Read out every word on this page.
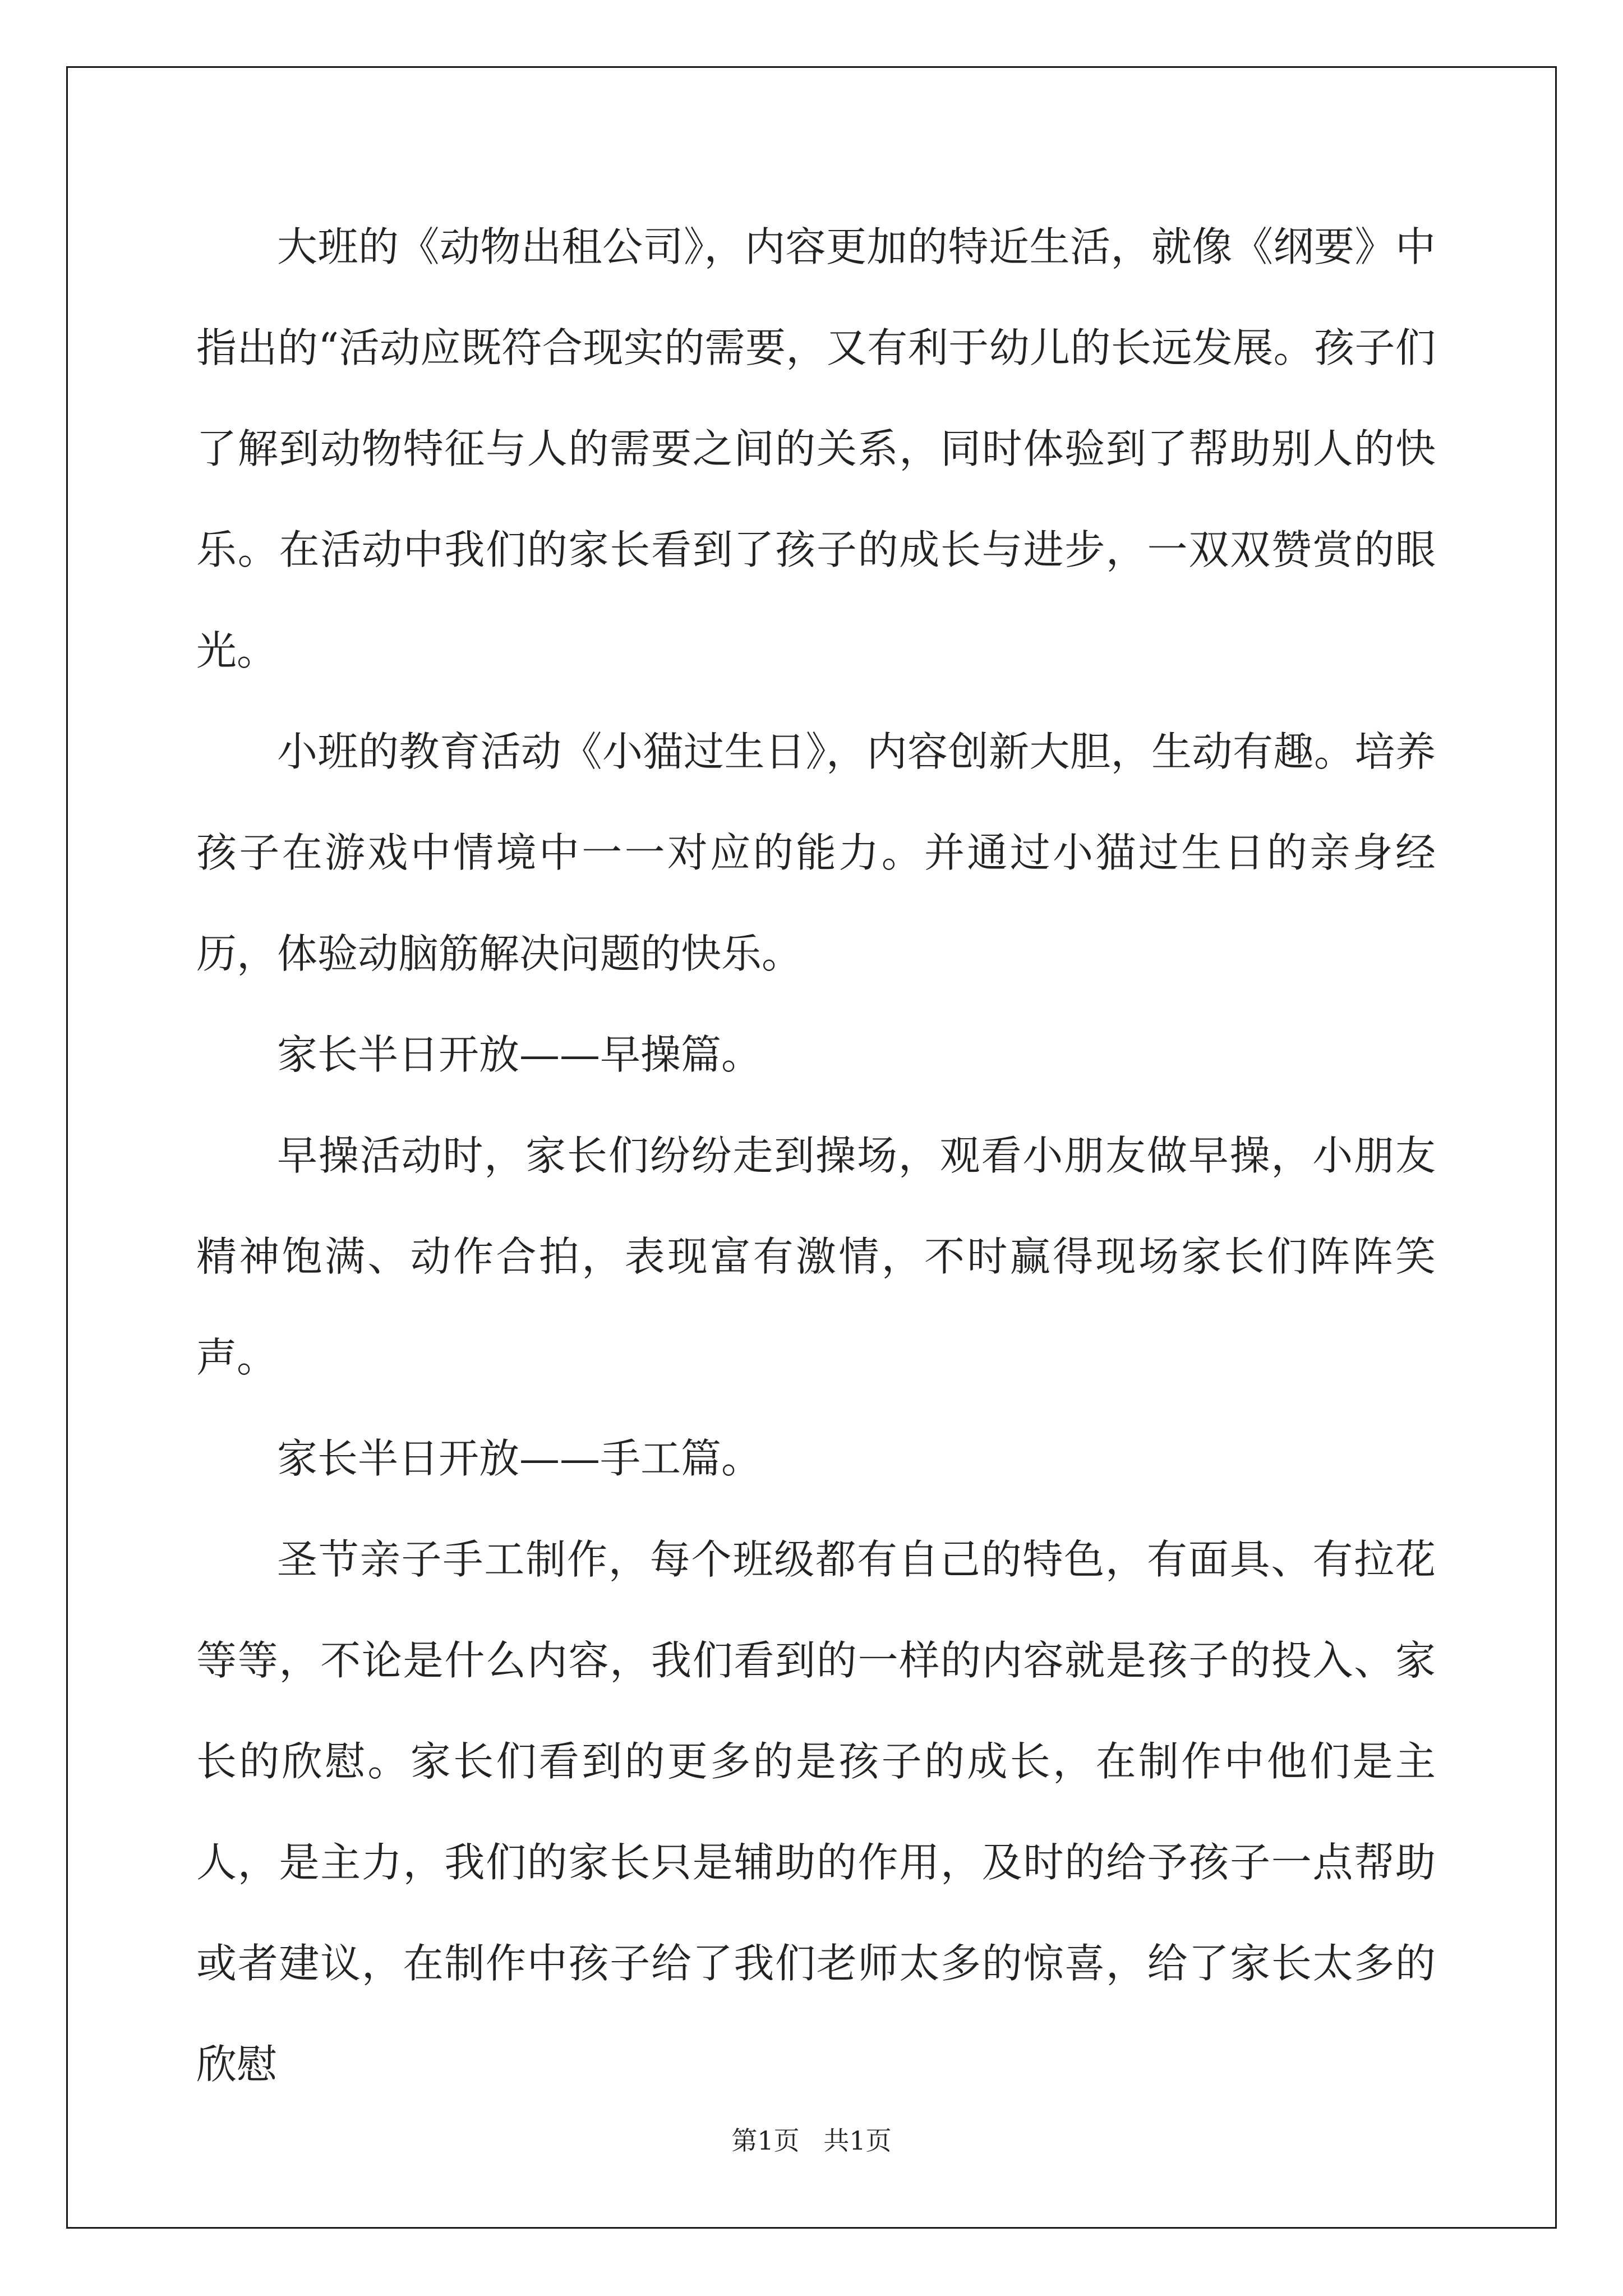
大班的《动物出租公司》，内容更加的特近生活，就像《纲要》中指出的“活动应既符合现实的需要，又有利于幼儿的长远发展。孩子们了解到动物特征与人的需要之间的关系，同时体验到了帮助别人的快乐。在活动中我们的家长看到了孩子的成长与进步，一双双赞赏的眼光。

小班的教育活动《小猫过生日》，内容创新大胆，生动有趣。培养孩子在游戏中情境中一一对应的能力。并通过小猫过生日的亲身经历，体验动脑筋解决问题的快乐。

家长半日开放——早操篇。

早操活动时，家长们纷纷走到操场，观看小朋友做早操，小朋友精神饱满、动作合拍，表现富有激情，不时赢得现场家长们阵阵笑声。

家长半日开放——手工篇。

圣节亲子手工制作，每个班级都有自己的特色，有面具、有拉花等等，不论是什么内容，我们看到的一样的内容就是孩子的投入、家长的欣慰。家长们看到的更多的是孩子的成长，在制作中他们是主人，是主力，我们的家长只是辅助的作用，及时的给予孩子一点帮助或者建议，在制作中孩子给了我们老师太多的惊喜，给了家长太多的欣慰

第1页 共1页
